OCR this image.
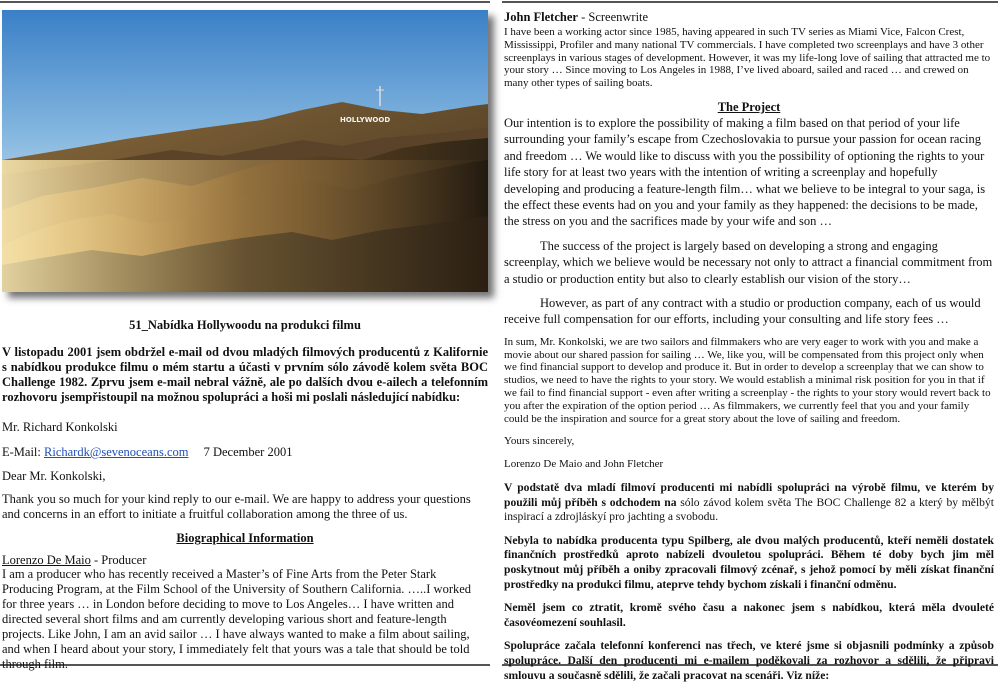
HOLLYWOOD

51_Nabídka Hollywoodu na produkci filmu

V listopadu 2001 jsem obdržel e-mail od dvou mladých filmových producentů z Kalifornie s nabídkou produkce filmu o mém startu a účasti v prvním sólo závodě kolem světa BOC Challenge 1982. Zprvu jsem e-mail nebral vážně, ale po dalších dvou e-ailech a telefonním rozhovoru jsempřistoupil na možnou spolupráci a hoši mi poslali následující nabídku:

Mr. Richard Konkolski

E-Mail: Richardk@sevenoceans.com 7 December 2001

Dear Mr. Konkolski,

Thank you so much for your kind reply to our e-mail. We are happy to address your questions and concerns in an effort to initiate a fruitful collaboration among the three of us.

Biographical Information

Lorenzo De Maio - Producer

I am a producer who has recently received a Master’s of Fine Arts from the Peter Stark Producing Program, at the Film School of the University of Southern California. …..I worked for three years … in London before deciding to move to Los Angeles… I have written and directed several short films and am currently developing various short and feature-length projects. Like John, I am an avid sailor … I have always wanted to make a film about sailing, and when I heard about your story, I immediately felt that yours was a tale that should be told through film.

John Fletcher - Screenwrite

I have been a working actor since 1985, having appeared in such TV series as Miami Vice, Falcon Crest, Mississippi, Profiler and many national TV commercials. I have completed two screenplays and have 3 other screenplays in various stages of development. However, it was my life-long love of sailing that attracted me to your story … Since moving to Los Angeles in 1988, I’ve lived aboard, sailed and raced … and crewed on many other types of sailing boats.

The Project

Our intention is to explore the possibility of making a film based on that period of your life surrounding your family’s escape from Czechoslovakia to pursue your passion for ocean racing and freedom … We would like to discuss with you the possibility of optioning the rights to your life story for at least two years with the intention of writing a screenplay and hopefully developing and producing a feature-length film… what we believe to be integral to your saga, is the effect these events had on you and your family as they happened: the decisions to be made, the stress on you and the sacrifices made by your wife and son …

The success of the project is largely based on developing a strong and engaging screenplay, which we believe would be necessary not only to attract a financial commitment from a studio or production entity but also to clearly establish our vision of the story…

However, as part of any contract with a studio or production company, each of us would receive full compensation for our efforts, including your consulting and life story fees …

In sum, Mr. Konkolski, we are two sailors and filmmakers who are very eager to work with you and make a movie about our shared passion for sailing … We, like you, will be compensated from this project only when we find financial support to develop and produce it. But in order to develop a screenplay that we can show to studios, we need to have the rights to your story. We would establish a minimal risk position for you in that if we fail to find financial support - even after writing a screenplay - the rights to your story would revert back to you after the expiration of the option period … As filmmakers, we currently feel that you and your family could be the inspiration and source for a great story about the love of sailing and freedom.

Yours sincerely,

Lorenzo De Maio and John Fletcher

V podstatě dva mladí filmoví producenti mi nabídli spolupráci na výrobě filmu, ve kterém by použili můj příběh s odchodem na sólo závod kolem světa The BOC Challenge 82 a který by mělbýt inspirací a zdrojláskyí pro jachting a svobodu.

Nebyla to nabídka producenta typu Spilberg, ale dvou malých producentů, kteří neměli dostatek finančních prostředků aproto nabízeli dvouletou spolupráci. Během té doby bych jim měl poskytnout můj příběh a oniby zpracovali filmový zcénař, s jehož pomocí by měli získat finanční prostředky na produkci filmu, ateprve tehdy bychom získali i finanční odměnu.

Neměl jsem co ztratit, kromě svého času a nakonec jsem s nabídkou, která měla dvouleté časovéomezení souhlasil.

Spolupráce začala telefonní konferenci nas třech, ve které jsme si objasnili podmínky a způsob spolupráce. Další den producenti mi e-mailem poděkovali za rozhovor a sdělili, že připravi smlouvu a současně sdělili, že začali pracovat na scenáři. Viz níže:
